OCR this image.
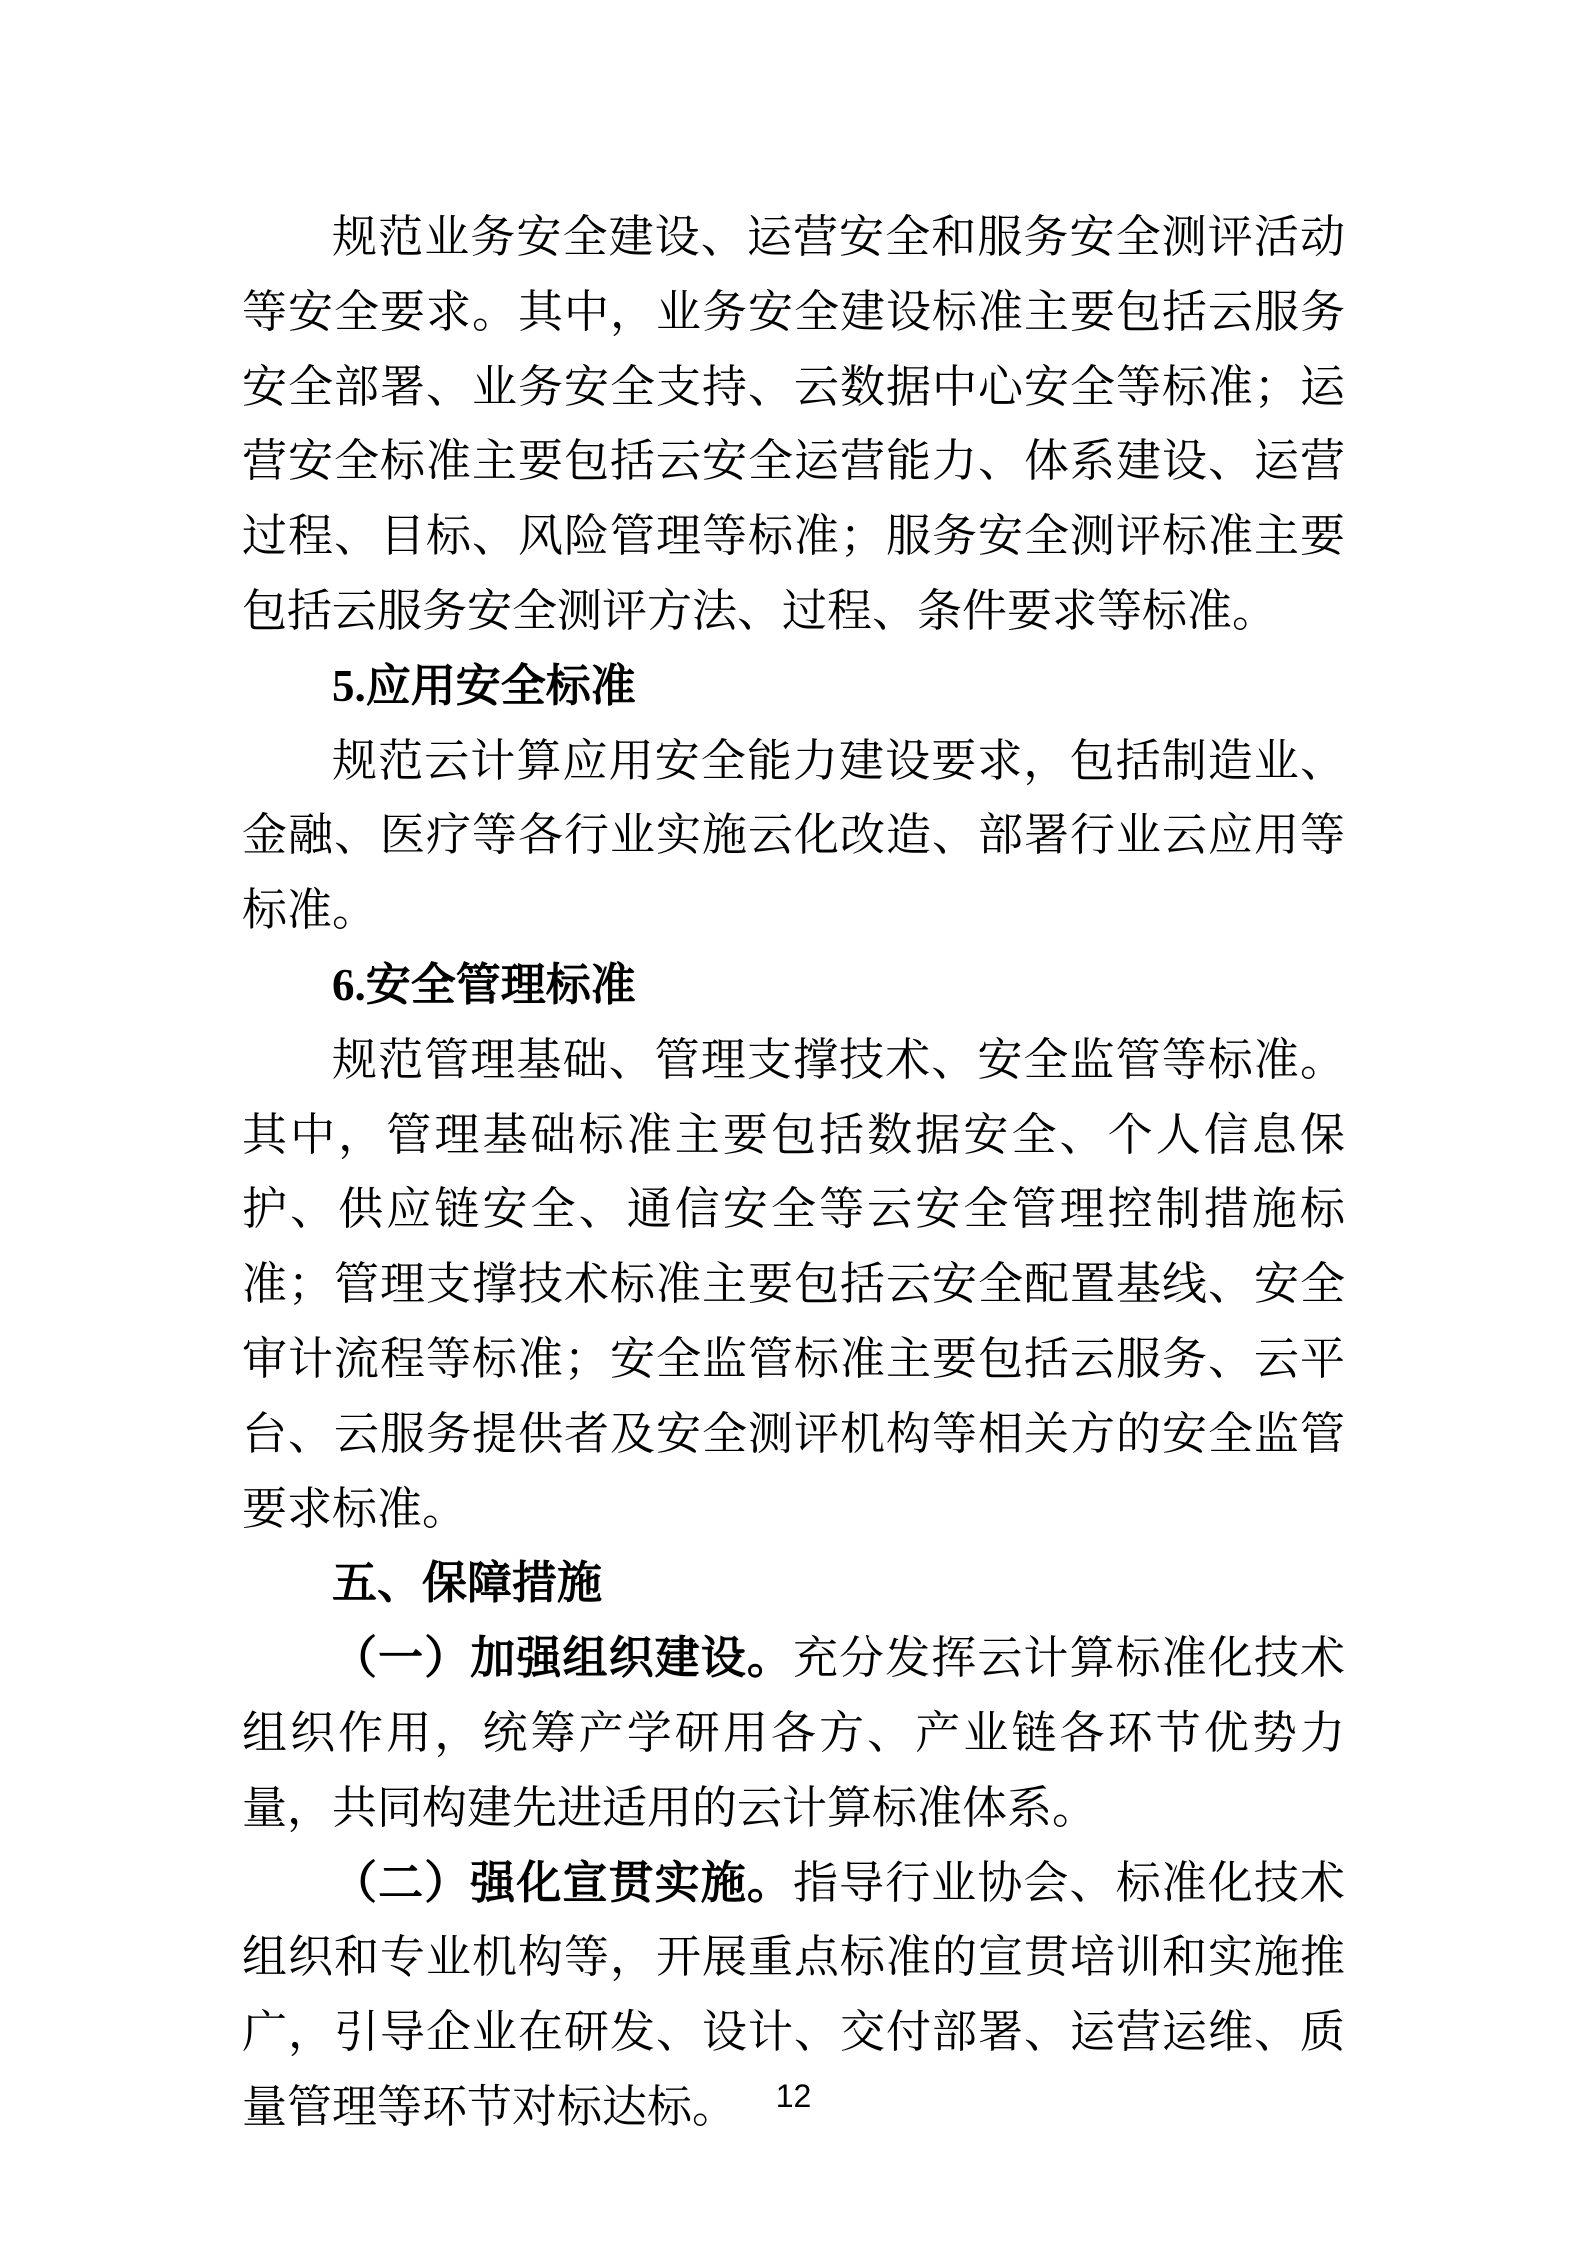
规范业务安全建设、运营安全和服务安全测评活动等安全要求。其中，业务安全建设标准主要包括云服务安全部署、业务安全支持、云数据中心安全等标准；运营安全标准主要包括云安全运营能力、体系建设、运营过程、目标、风险管理等标准；服务安全测评标准主要包括云服务安全测评方法、过程、条件要求等标准。

5.应用安全标准

规范云计算应用安全能力建设要求，包括制造业、金融、医疗等各行业实施云化改造、部署行业云应用等标准。

6.安全管理标准

规范管理基础、管理支撑技术、安全监管等标准。其中，管理基础标准主要包括数据安全、个人信息保护、供应链安全、通信安全等云安全管理控制措施标准；管理支撑技术标准主要包括云安全配置基线、安全审计流程等标准；安全监管标准主要包括云服务、云平台、云服务提供者及安全测评机构等相关方的安全监管要求标准。

五、保障措施

（一）加强组织建设。充分发挥云计算标准化技术组织作用，统筹产学研用各方、产业链各环节优势力量，共同构建先进适用的云计算标准体系。

（二）强化宣贯实施。指导行业协会、标准化技术组织和专业机构等，开展重点标准的宣贯培训和实施推广，引导企业在研发、设计、交付部署、运营运维、质量管理等环节对标达标。	12
